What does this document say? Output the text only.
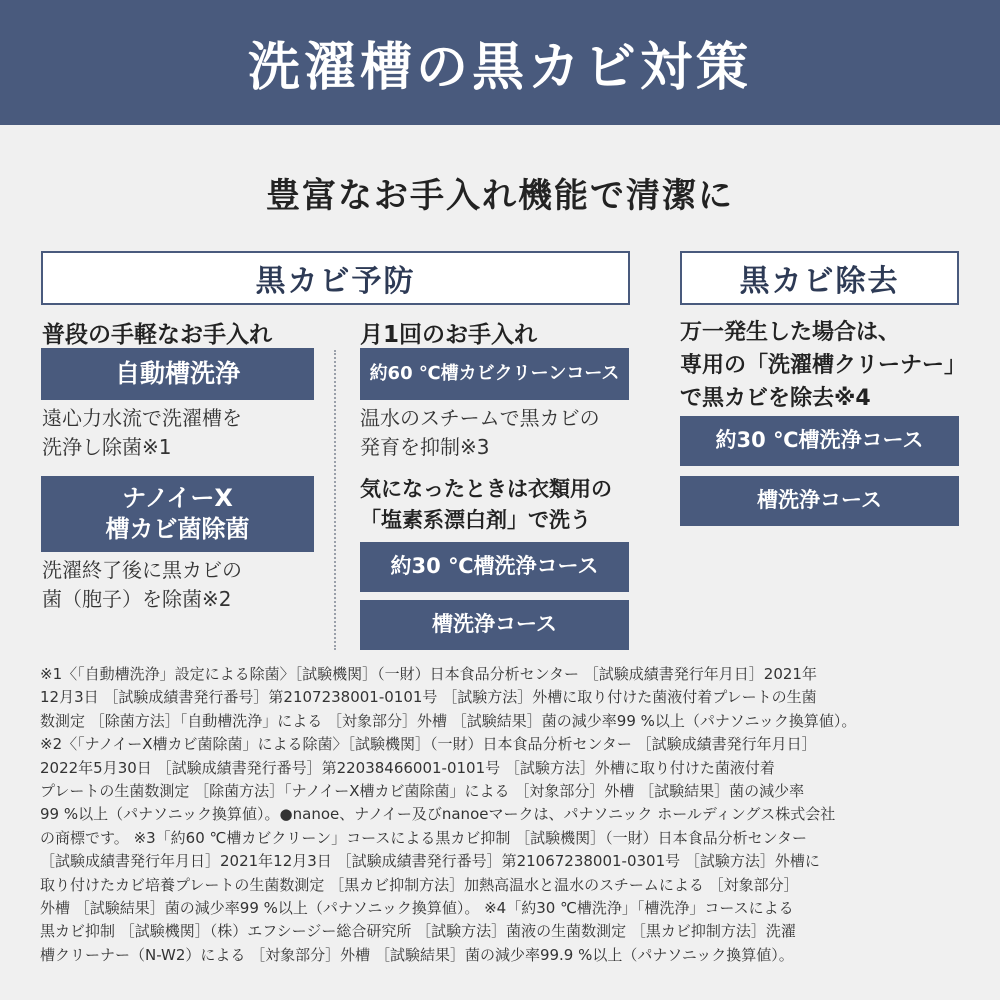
洗濯槽の黒カビ対策
豊富なお手入れ機能で清潔に
黒カビ予防	黒カビ除去
普段の手軽なお手入れ
自動槽洗浄
遠心力水流で洗濯槽を
洗浄し除菌※1
ナノイーX
槽カビ菌除菌
洗濯終了後に黒カビの
菌（胞子）を除菌※2
月1回のお手入れ
約60 ℃槽カビクリーンコース
温水のスチームで黒カビの
発育を抑制※3
気になったときは衣類用の
「塩素系漂白剤」で洗う
約30 ℃槽洗浄コース
槽洗浄コース
万一発生した場合は、
専用の「洗濯槽クリーナー」
で黒カビを除去※4
約30 ℃槽洗浄コース
槽洗浄コース
※1〈「自動槽洗浄」設定による除菌〉［試験機関］（一財）日本食品分析センター ［試験成績書発行年月日］2021年
12月3日 ［試験成績書発行番号］第2107238001-0101号 ［試験方法］外槽に取り付けた菌液付着プレートの生菌
数測定 ［除菌方法］「自動槽洗浄」による ［対象部分］外槽 ［試験結果］菌の減少率99 %以上（パナソニック換算値）。
※2〈「ナノイーX槽カビ菌除菌」による除菌〉［試験機関］（一財）日本食品分析センター ［試験成績書発行年月日］
2022年5月30日 ［試験成績書発行番号］第22038466001-0101号 ［試験方法］外槽に取り付けた菌液付着
プレートの生菌数測定 ［除菌方法］「ナノイーX槽カビ菌除菌」による ［対象部分］外槽 ［試験結果］菌の減少率
99 %以上（パナソニック換算値）。●nanoe、ナノイー及びnanoeマークは、パナソニック ホールディングス株式会社
の商標です。 ※3「約60 ℃槽カビクリーン」コースによる黒カビ抑制 ［試験機関］（一財）日本食品分析センター
［試験成績書発行年月日］2021年12月3日 ［試験成績書発行番号］第21067238001-0301号 ［試験方法］外槽に
取り付けたカビ培養プレートの生菌数測定 ［黒カビ抑制方法］加熱高温水と温水のスチームによる ［対象部分］
外槽 ［試験結果］菌の減少率99 %以上（パナソニック換算値）。 ※4「約30 ℃槽洗浄」「槽洗浄」コースによる
黒カビ抑制 ［試験機関］（株）エフシージー総合研究所 ［試験方法］菌液の生菌数測定 ［黒カビ抑制方法］洗濯
槽クリーナー（N-W2）による ［対象部分］外槽 ［試験結果］菌の減少率99.9 %以上（パナソニック換算値）。
